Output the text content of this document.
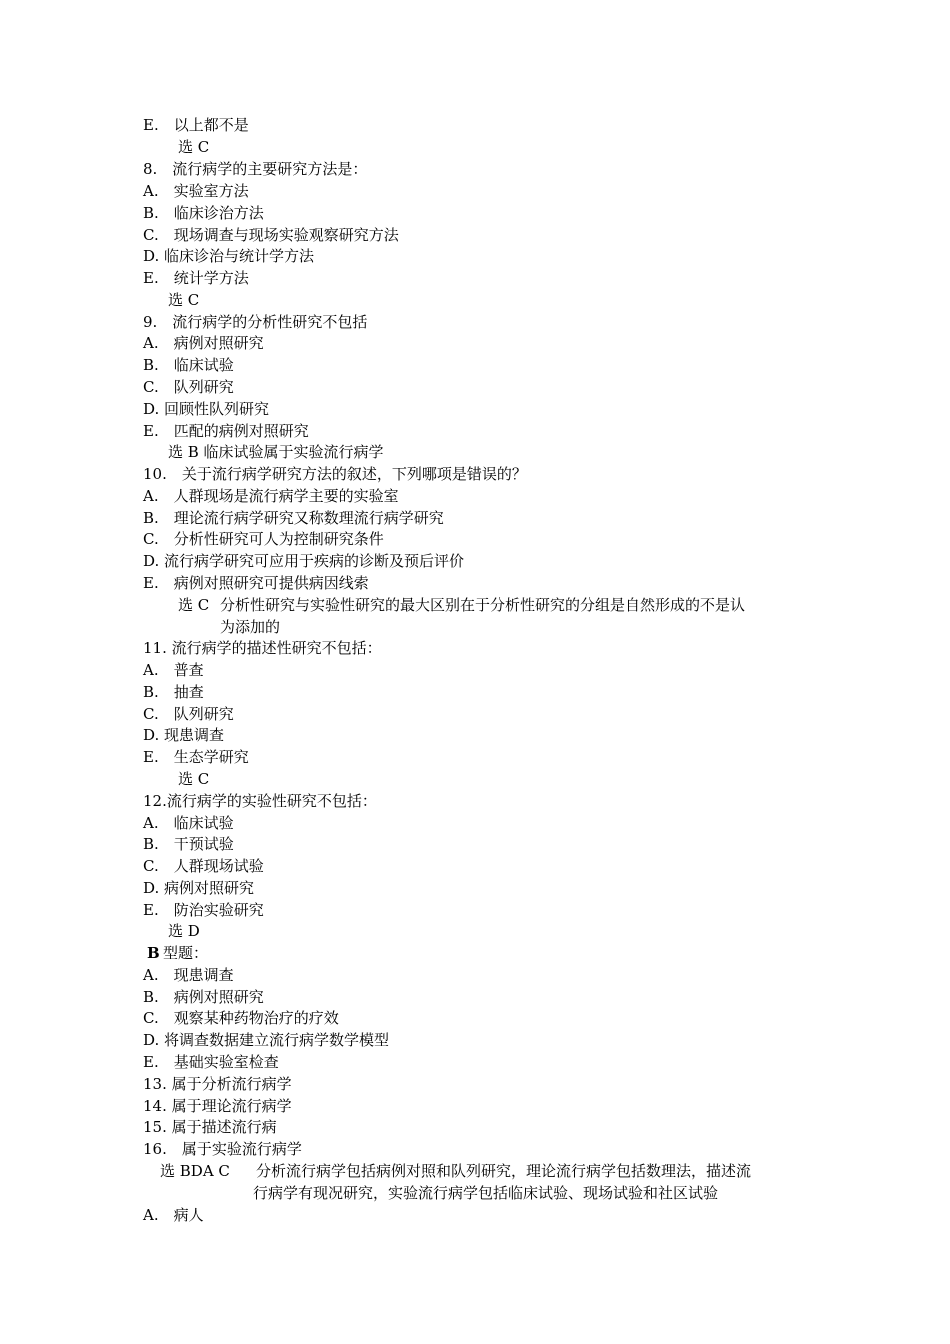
E.　以上都不是
选 C
8.　流行病学的主要研究方法是：
A.　实验室方法
B.　临床诊治方法
C.　现场调查与现场实验观察研究方法
D. 临床诊治与统计学方法
E.　统计学方法
选 C
9.　流行病学的分析性研究不包括
A.　病例对照研究
B.　临床试验
C.　队列研究
D. 回顾性队列研究
E.　匹配的病例对照研究
选 B 临床试验属于实验流行病学
10.　关于流行病学研究方法的叙述，下列哪项是错误的？
A.　人群现场是流行病学主要的实验室
B.　理论流行病学研究又称数理流行病学研究
C.　分析性研究可人为控制研究条件
D. 流行病学研究可应用于疾病的诊断及预后评价
E.　病例对照研究可提供病因线索
选 C 分析性研究与实验性研究的最大区别在于分析性研究的分组是自然形成的不是认
为添加的
11. 流行病学的描述性研究不包括：
A.　普查
B.　抽查
C.　队列研究
D. 现患调查
E.　生态学研究
选 C
12.流行病学的实验性研究不包括：
A.　临床试验
B.　干预试验
C.　人群现场试验
D. 病例对照研究
E.　防治实验研究
选 D
B 型题：
A.　现患调查
B.　病例对照研究
C.　观察某种药物治疗的疗效
D. 将调查数据建立流行病学数学模型
E.　基础实验室检查
13. 属于分析流行病学
14. 属于理论流行病学
15. 属于描述流行病
16.　属于实验流行病学
选 BDA C 分析流行病学包括病例对照和队列研究，理论流行病学包括数理法，描述流
行病学有现况研究，实验流行病学包括临床试验、现场试验和社区试验
A.　病人
